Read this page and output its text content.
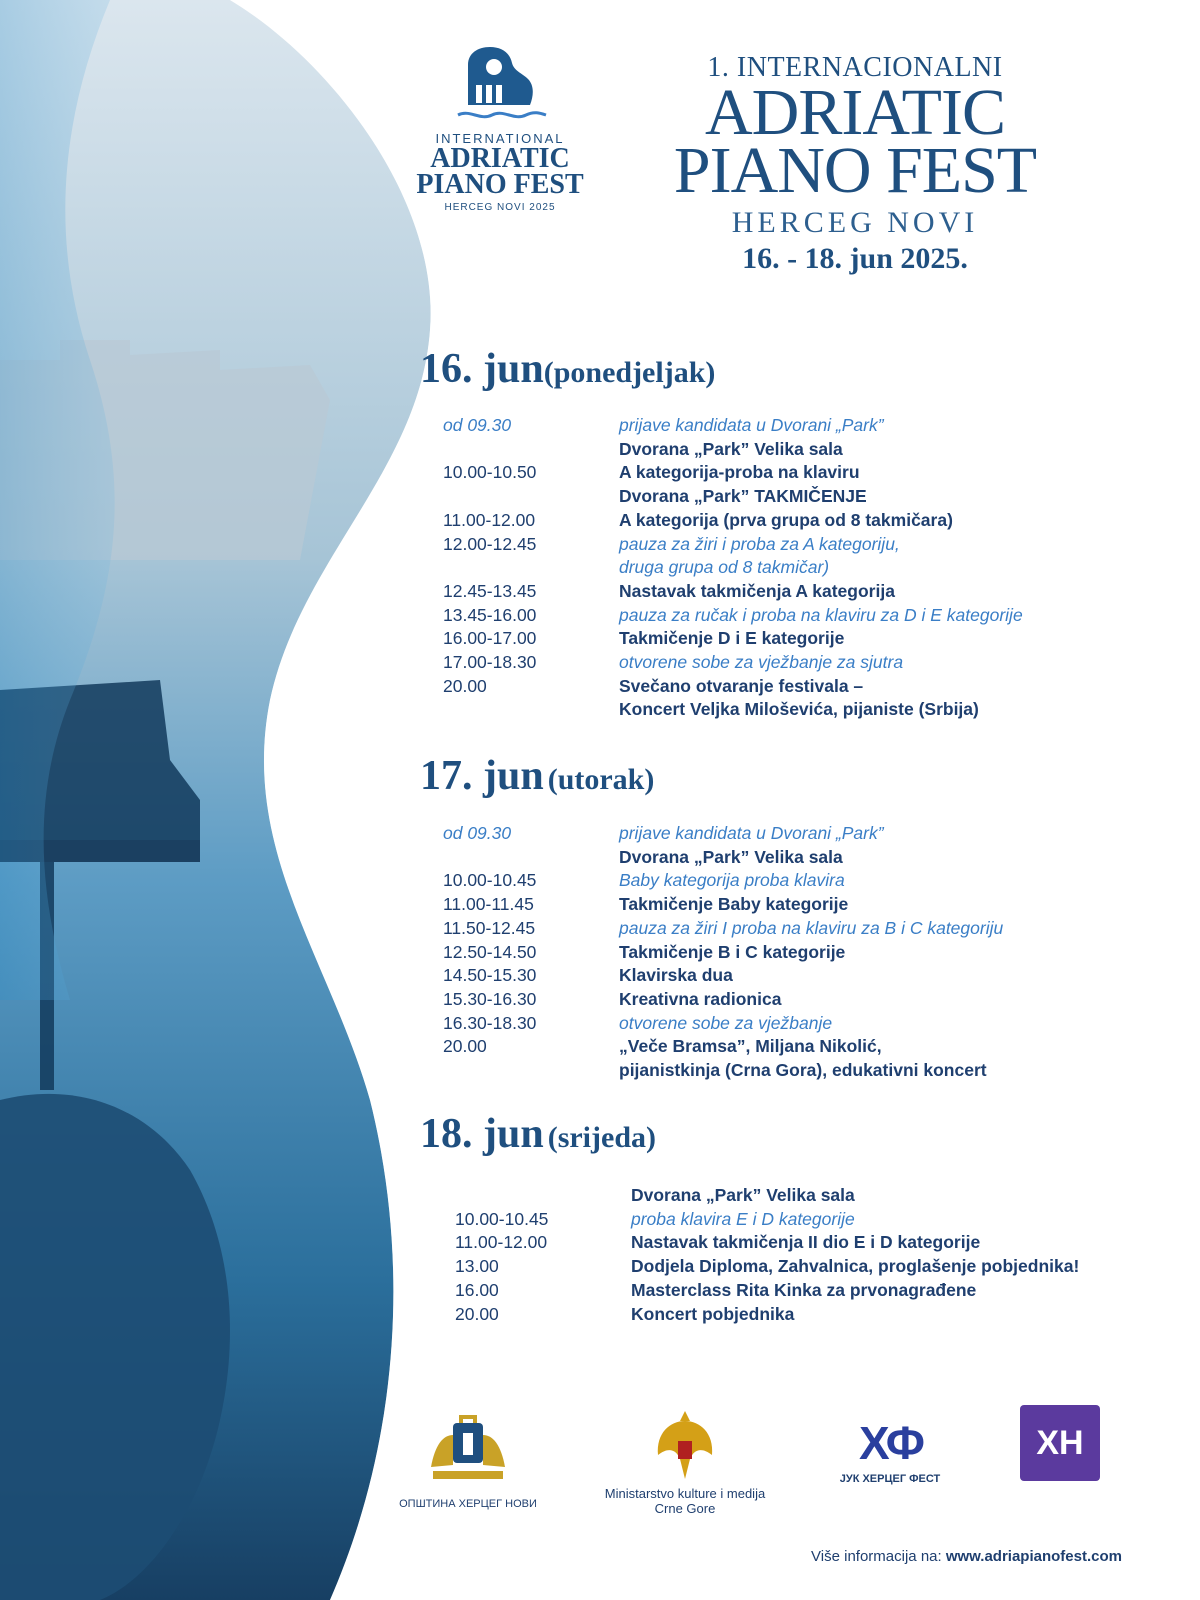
INTERNATIONAL
ADRIATIC
PIANO FEST
HERCEG NOVI 2025
1. INTERNACIONALNI
ADRIATIC
PIANO FEST
HERCEG NOVI
16. - 18. jun 2025.
16. jun(ponedjeljak)
od 09.30	prijave kandidata u Dvorani „Park”
Dvorana „Park” Velika sala
10.00-10.50	A kategorija-proba na klaviru
Dvorana „Park” TAKMIČENJE
11.00-12.00	A kategorija (prva grupa od 8 takmičara)
12.00-12.45	pauza za žiri i proba za A kategoriju,
druga grupa od 8 takmičar)
12.45-13.45	Nastavak takmičenja A kategorija
13.45-16.00	pauza za ručak i proba na klaviru za D i E kategorije
16.00-17.00	Takmičenje D i E kategorije
17.00-18.30	otvorene sobe za vježbanje za sjutra
20.00	Svečano otvaranje festivala –
Koncert Veljka Miloševića, pijaniste (Srbija)
17. jun (utorak)
od 09.30	prijave kandidata u Dvorani „Park”
Dvorana „Park” Velika sala
10.00-10.45	Baby kategorija proba klavira
11.00-11.45	Takmičenje Baby kategorije
11.50-12.45	pauza za žiri I proba na klaviru za B i C kategoriju
12.50-14.50	Takmičenje B i C kategorije
14.50-15.30	Klavirska dua
15.30-16.30	Kreativna radionica
16.30-18.30	otvorene sobe za vježbanje
20.00	„Veče Bramsa”, Miljana Nikolić,
pijanistkinja (Crna Gora), edukativni koncert
18. jun (srijeda)
Dvorana „Park” Velika sala
10.00-10.45	proba klavira E i D kategorije
11.00-12.00	Nastavak takmičenja II dio E i D kategorije
13.00	Dodjela Diploma, Zahvalnica, proglašenje pobjednika!
16.00	Masterclass Rita Kinka za prvonagrađene
20.00	Koncert pobjednika
ОПШТИНА ХЕРЦЕГ НОВИ
Ministarstvo kulture i medija
Crne Gore
XФ
ЈУК ХЕРЦЕГ ФЕСТ
XH
Više informacija na: www.adriapianofest.com
